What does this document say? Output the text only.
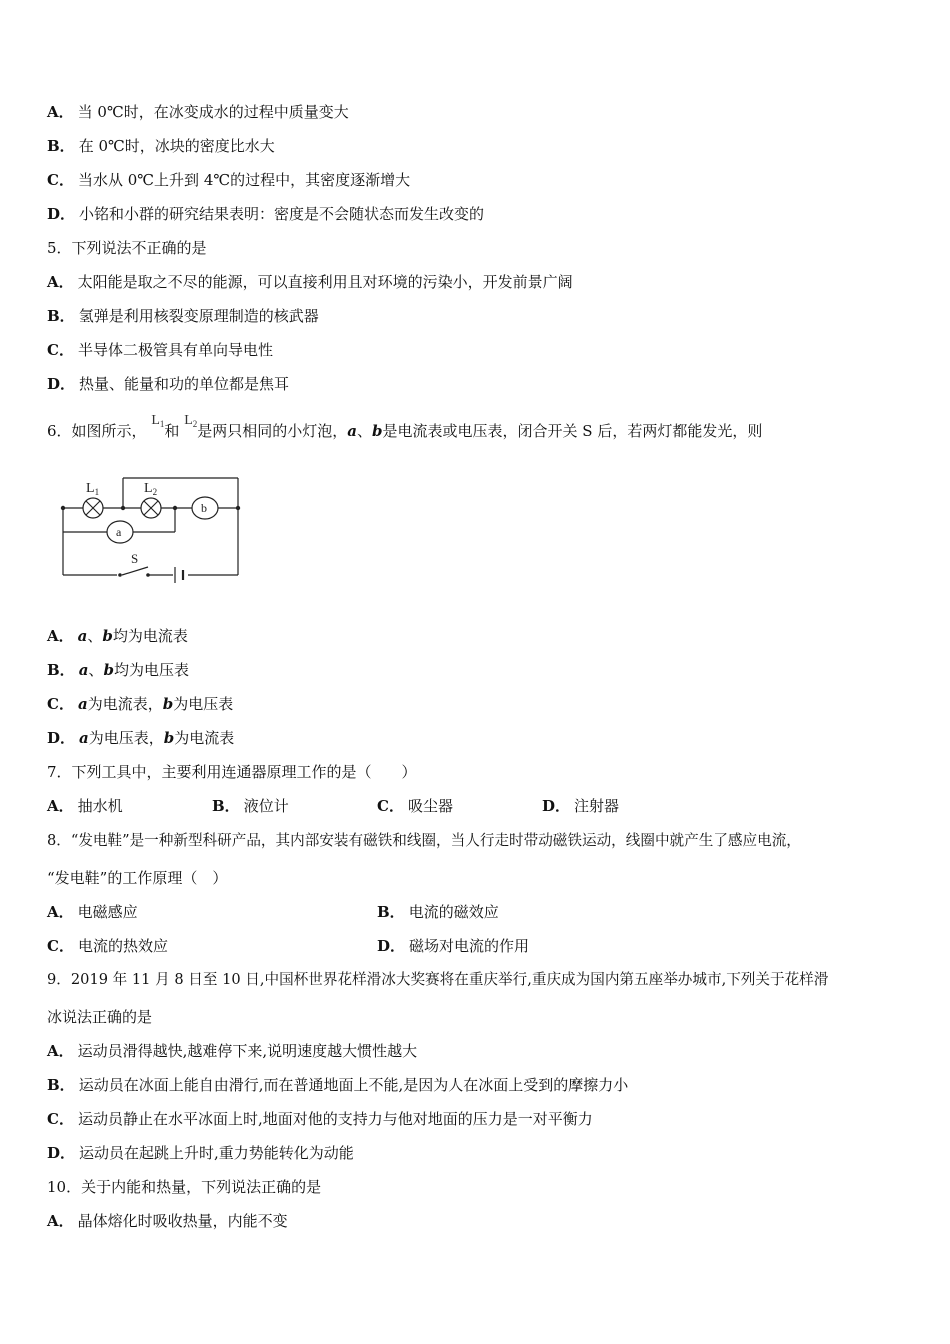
A． 当 0℃时，在冰变成水的过程中质量变大
B． 在 0℃时，冰块的密度比水大
C． 当水从 0℃上升到 4℃的过程中，其密度逐渐增大
D． 小铭和小群的研究结果表明：密度是不会随状态而发生改变的
5．下列说法不正确的是
A． 太阳能是取之不尽的能源，可以直接利用且对环境的污染小，开发前景广阔
B． 氢弹是利用核裂变原理制造的核武器
C． 半导体二极管具有单向导电性
D． 热量、能量和功的单位都是焦耳
6．如图所示， $L_1$和 $L_2$是两只相同的小灯泡，a、b是电流表或电压表，闭合开关 S 后，若两灯都能发光，则
$L_1$	$L_2$
b
a
S
A． a、b均为电流表
B． a、b均为电压表
C． a为电流表，b为电压表
D． a为电压表，b为电流表
7．下列工具中，主要利用连通器原理工作的是（　　）
A． 抽水机	B． 液位计	C． 吸尘器	D． 注射器
8．“发电鞋”是一种新型科研产品，其内部安装有磁铁和线圈，当人行走时带动磁铁运动，线圈中就产生了感应电流，
“发电鞋”的工作原理（　）
A． 电磁感应	B． 电流的磁效应
C． 电流的热效应	D． 磁场对电流的作用
9．2019 年 11 月 8 日至 10 日,中国杯世界花样滑冰大奖赛将在重庆举行,重庆成为国内第五座举办城市,下列关于花样滑
冰说法正确的是
A． 运动员滑得越快,越难停下来,说明速度越大惯性越大
B． 运动员在冰面上能自由滑行,而在普通地面上不能,是因为人在冰面上受到的摩擦力小
C． 运动员静止在水平冰面上时,地面对他的支持力与他对地面的压力是一对平衡力
D． 运动员在起跳上升时,重力势能转化为动能
10．关于内能和热量，下列说法正确的是
A． 晶体熔化时吸收热量，内能不变
